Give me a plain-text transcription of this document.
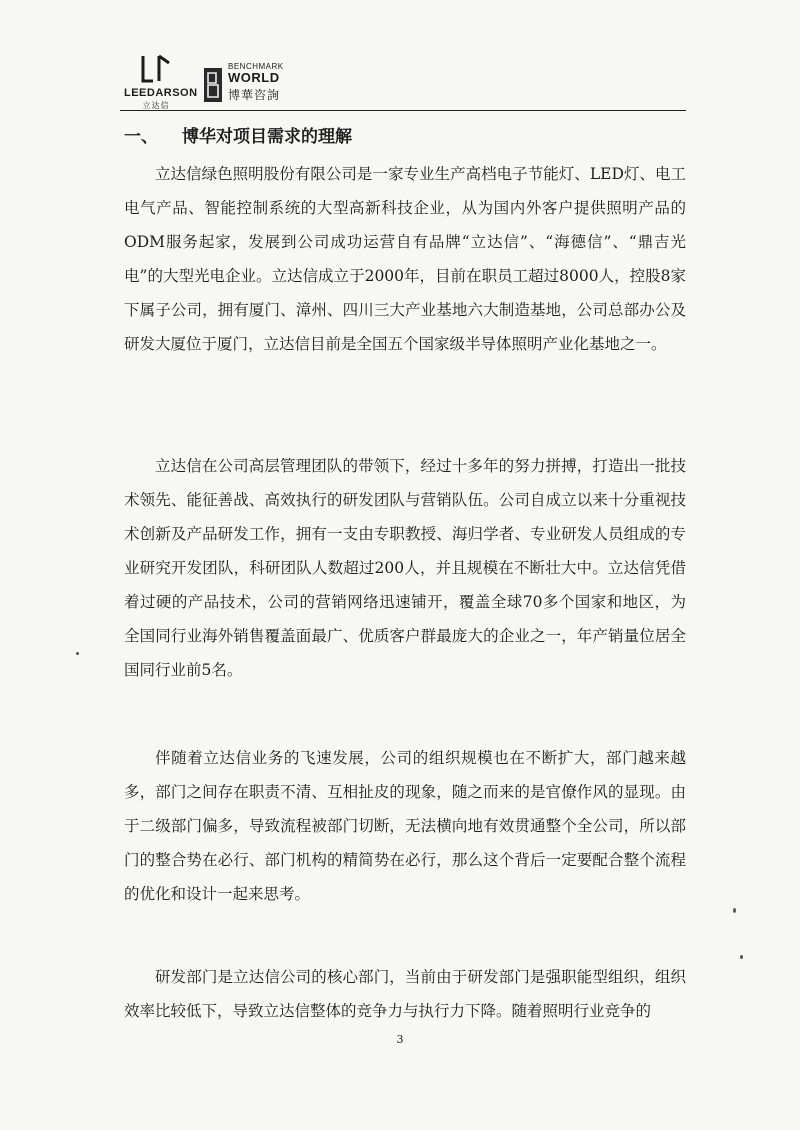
LEEDARSON
立达信
BENCHMARK
WORLD
博華咨詢
一、 博华对项目需求的理解

立达信绿色照明股份有限公司是一家专业生产高档电子节能灯、LED灯、电工电气产品、智能控制系统的大型高新科技企业，从为国内外客户提供照明产品的ODM服务起家，发展到公司成功运营自有品牌“立达信”、“海德信”、“鼎吉光电”的大型光电企业。立达信成立于2000年，目前在职员工超过8000人，控股8家下属子公司，拥有厦门、漳州、四川三大产业基地六大制造基地，公司总部办公及研发大厦位于厦门，立达信目前是全国五个国家级半导体照明产业化基地之一。

立达信在公司高层管理团队的带领下，经过十多年的努力拼搏，打造出一批技术领先、能征善战、高效执行的研发团队与营销队伍。公司自成立以来十分重视技术创新及产品研发工作，拥有一支由专职教授、海归学者、专业研发人员组成的专业研究开发团队，科研团队人数超过200人，并且规模在不断壮大中。立达信凭借着过硬的产品技术，公司的营销网络迅速铺开，覆盖全球70多个国家和地区，为全国同行业海外销售覆盖面最广、优质客户群最庞大的企业之一，年产销量位居全国同行业前5名。

伴随着立达信业务的飞速发展，公司的组织规模也在不断扩大，部门越来越多，部门之间存在职责不清、互相扯皮的现象，随之而来的是官僚作风的显现。由于二级部门偏多，导致流程被部门切断，无法横向地有效贯通整个全公司，所以部门的整合势在必行、部门机构的精简势在必行，那么这个背后一定要配合整个流程的优化和设计一起来思考。

研发部门是立达信公司的核心部门，当前由于研发部门是强职能型组织，组织效率比较低下，导致立达信整体的竞争力与执行力下降。随着照明行业竞争的

3
